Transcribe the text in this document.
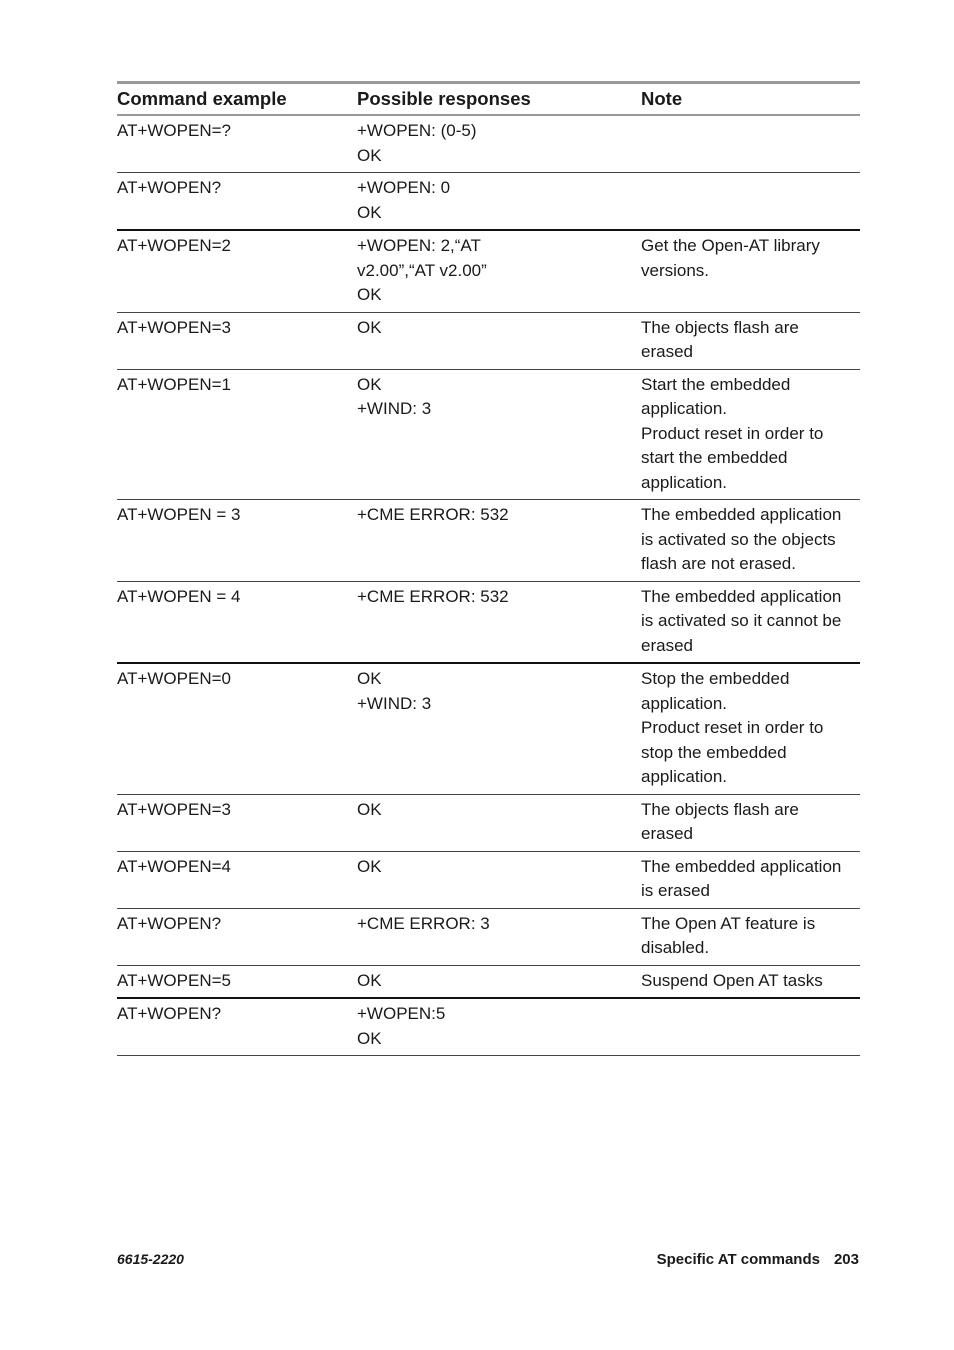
Command example	Possible responses	Note
AT+WOPEN=?	+WOPEN: (0-5)
OK	
AT+WOPEN?	+WOPEN: 0
OK	
AT+WOPEN=2	+WOPEN: 2,“AT
v2.00”,“AT v2.00”
OK	Get the Open-AT library
versions.
AT+WOPEN=3	OK	The objects flash are
erased
AT+WOPEN=1	OK
+WIND: 3	Start the embedded
application.
Product reset in order to
start the embedded
application.
AT+WOPEN = 3	+CME ERROR: 532	The embedded application
is activated so the objects
flash are not erased.
AT+WOPEN = 4	+CME ERROR: 532	The embedded application
is activated so it cannot be
erased
AT+WOPEN=0	OK
+WIND: 3	Stop the embedded
application.
Product reset in order to
stop the embedded
application.
AT+WOPEN=3	OK	The objects flash are
erased
AT+WOPEN=4	OK	The embedded application
is erased
AT+WOPEN?	+CME ERROR: 3	The Open AT feature is
disabled.
AT+WOPEN=5	OK	Suspend Open AT tasks
AT+WOPEN?	+WOPEN:5
OK	
6615-2220	Specific AT commands 203
